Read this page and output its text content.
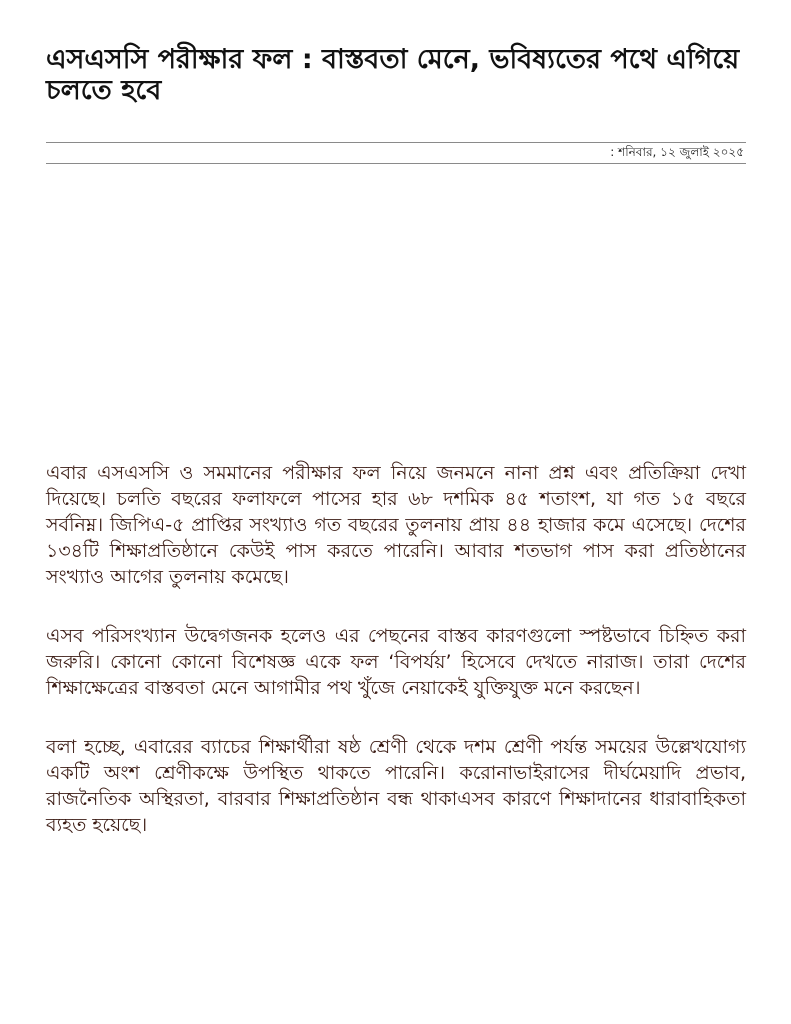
এসএসসি পরীক্ষার ফল : বাস্তবতা মেনে, ভবিষ্যতের পথে এগিয়ে চলতে হবে
: শনিবার, ১২ জুলাই ২০২৫

এবার এসএসসি ও সমমানের পরীক্ষার ফল নিয়ে জনমনে নানা প্রশ্ন এবং প্রতিক্রিয়া দেখা দিয়েছে। চলতি বছরের ফলাফলে পাসের হার ৬৮ দশমিক ৪৫ শতাংশ, যা গত ১৫ বছরে সর্বনিম্ন। জিপিএ-৫ প্রাপ্তির সংখ্যাও গত বছরের তুলনায় প্রায় ৪৪ হাজার কমে এসেছে। দেশের ১৩৪টি শিক্ষাপ্রতিষ্ঠানে কেউই পাস করতে পারেনি। আবার শতভাগ পাস করা প্রতিষ্ঠানের সংখ্যাও আগের তুলনায় কমেছে।

এসব পরিসংখ্যান উদ্বেগজনক হলেও এর পেছনের বাস্তব কারণগুলো স্পষ্টভাবে চিহ্নিত করা জরুরি। কোনো কোনো বিশেষজ্ঞ একে ফল ‘বিপর্যয়’ হিসেবে দেখতে নারাজ। তারা দেশের শিক্ষাক্ষেত্রের বাস্তবতা মেনে আগামীর পথ খুঁজে নেয়াকেই যুক্তিযুক্ত মনে করছেন।

বলা হচ্ছে, এবারের ব্যাচের শিক্ষার্থীরা ষষ্ঠ শ্রেণী থেকে দশম শ্রেণী পর্যন্ত সময়ের উল্লেখযোগ্য একটি অংশ শ্রেণীকক্ষে উপস্থিত থাকতে পারেনি। করোনাভাইরাসের দীর্ঘমেয়াদি প্রভাব, রাজনৈতিক অস্থিরতা, বারবার শিক্ষাপ্রতিষ্ঠান বন্ধ থাকাএসব কারণে শিক্ষাদানের ধারাবাহিকতা ব্যহত হয়েছে।
